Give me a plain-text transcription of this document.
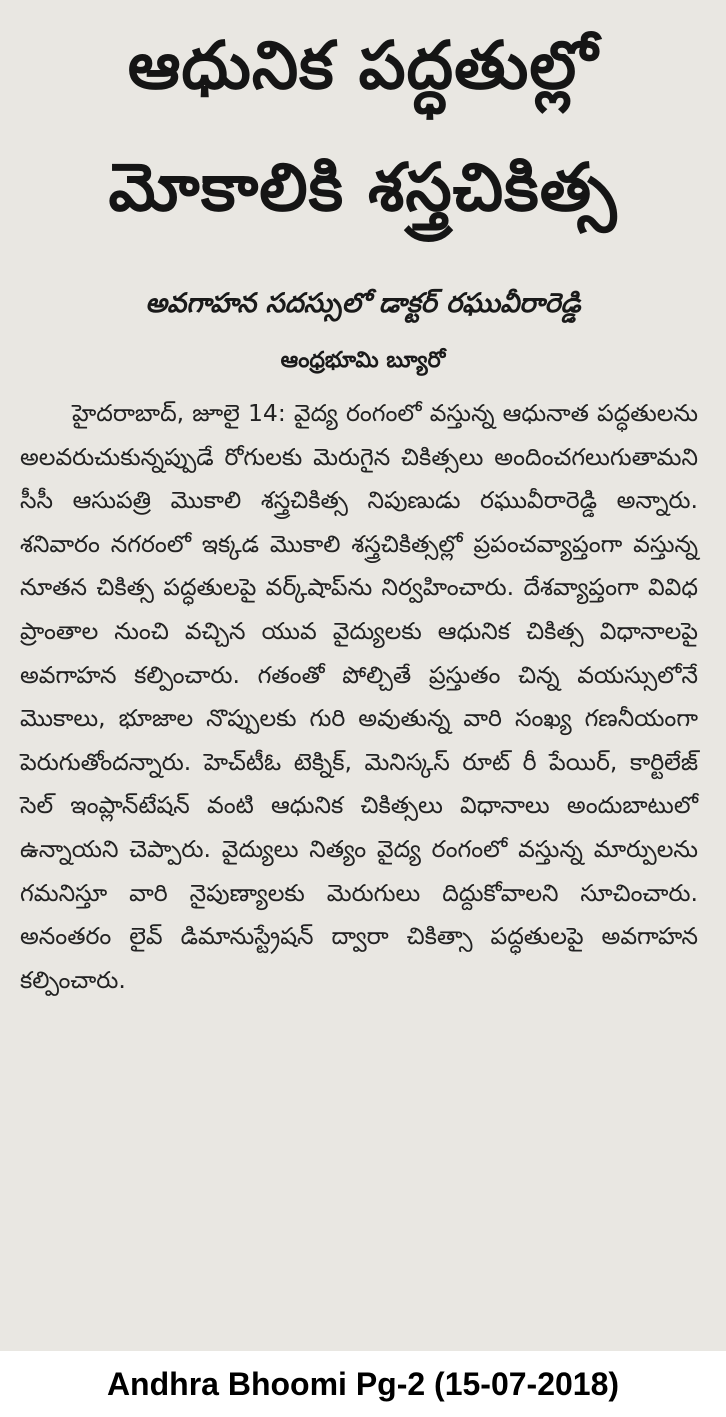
ఆధునిక పద్ధతుల్లో
మోకాలికి శస్త్రచికిత్స
అవగాహన సదస్సులో డాక్టర్ రఘువీరారెడ్డి
ఆంధ్రభూమి బ్యూరో

హైదరాబాద్, జూలై 14: వైద్య రంగంలో వస్తున్న ఆధునాత పద్ధతులను అలవరుచుకున్నప్పుడే రోగులకు మెరుగైన చికిత్సలు అందించగలుగుతామని సీసీ ఆసుపత్రి మొకాలి శస్త్రచికిత్స నిపుణుడు రఘువీరారెడ్డి అన్నారు. శనివారం నగరంలో ఇక్కడ మొకాలి శస్త్రచికిత్సల్లో ప్రపంచవ్యాప్తంగా వస్తున్న నూతన చికిత్స పద్ధతులపై వర్క్‌షాప్‌ను నిర్వహించారు. దేశవ్యాప్తంగా వివిధ ప్రాంతాల నుంచి వచ్చిన యువ వైద్యులకు ఆధునిక చికిత్స విధానాలపై అవగాహన కల్పించారు. గతంతో పోల్చితే ప్రస్తుతం చిన్న వయస్సులోనే మొకాలు, భూజాల నొప్పులకు గురి అవుతున్న వారి సంఖ్య గణనీయంగా పెరుగుతోందన్నారు. హెచ్‌టీఓ టెక్నిక్, మెనిస్కస్ రూట్ రీ పేయిర్, కార్టిలేజ్ సెల్ ఇంప్లాన్‌టేషన్ వంటి ఆధునిక చికిత్సలు విధానాలు అందుబాటులో ఉన్నాయని చెప్పారు. వైద్యులు నిత్యం వైద్య రంగంలో వస్తున్న మార్పులను గమనిస్తూ వారి నైపుణ్యాలకు మెరుగులు దిద్దుకోవాలని సూచించారు. అనంతరం లైవ్ డిమానుస్ట్రేషన్ ద్వారా చికిత్సా పద్ధతులపై అవగాహన కల్పించారు.

Andhra Bhoomi Pg-2 (15-07-2018)
